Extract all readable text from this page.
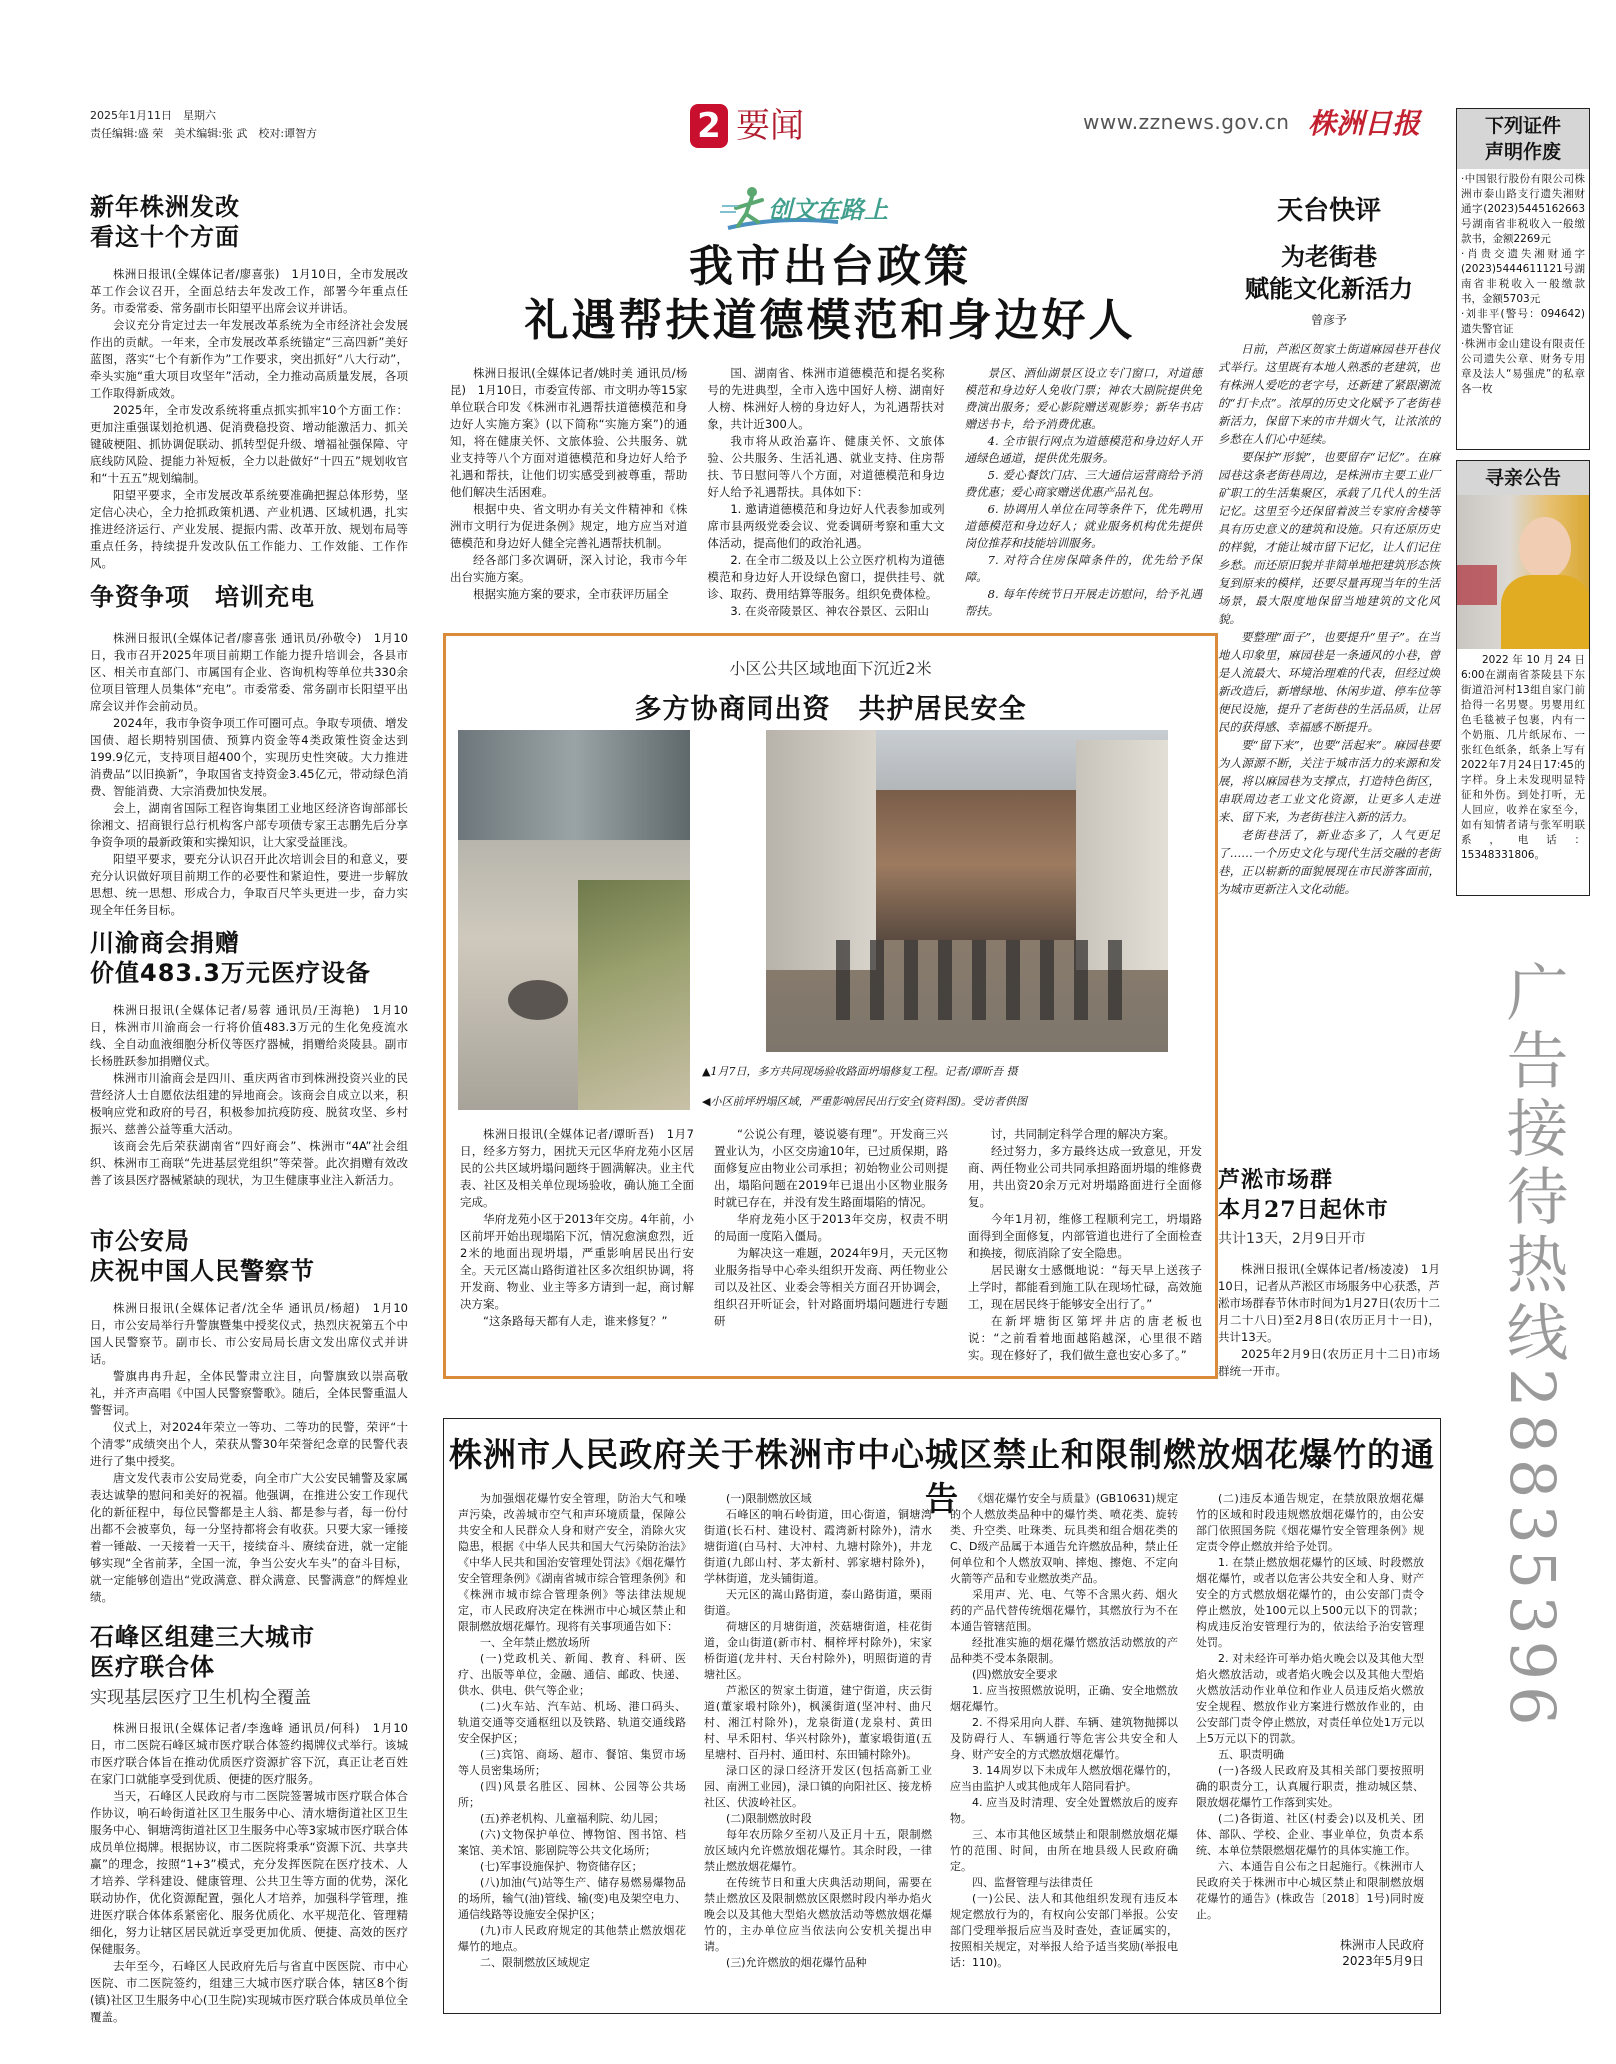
2025年1月11日　星期六
责任编辑:盛 荣　美术编辑:张 武　校对:谭智方	2 要闻	www.zznews.gov.cn 株洲日报
新年株洲发改
看这十个方面

株洲日报讯(全媒体记者/廖喜张)　1月10日，全市发展改革工作会议召开，全面总结去年发改工作，部署今年重点任务。市委常委、常务副市长阳望平出席会议并讲话。

会议充分肯定过去一年发展改革系统为全市经济社会发展作出的贡献。一年来，全市发展改革系统锚定“三高四新”美好蓝图，落实“七个有新作为”工作要求，突出抓好“八大行动”，牵头实施“重大项目攻坚年”活动，全力推动高质量发展，各项工作取得新成效。

2025年，全市发改系统将重点抓实抓牢10个方面工作：更加注重强谋划抢机遇、促消费稳投资、增动能激活力、抓关键破梗阻、抓协调促联动、抓转型促升级、增福祉强保障、守底线防风险、提能力补短板，全力以赴做好“十四五”规划收官和“十五五”规划编制。

阳望平要求，全市发展改革系统要准确把握总体形势，坚定信心决心，全力抢抓政策机遇、产业机遇、区域机遇，扎实推进经济运行、产业发展、提振内需、改革开放、规划布局等重点任务，持续提升发改队伍工作能力、工作效能、工作作风。

争资争项　培训充电

株洲日报讯(全媒体记者/廖喜张 通讯员/孙敬令)　1月10日，我市召开2025年项目前期工作能力提升培训会，各县市区、相关市直部门、市属国有企业、咨询机构等单位共330余位项目管理人员集体“充电”。市委常委、常务副市长阳望平出席会议并作会前动员。

2024年，我市争资争项工作可圈可点。争取专项债、增发国债、超长期特别国债、预算内资金等4类政策性资金达到199.9亿元，支持项目超400个，实现历史性突破。大力推进消费品“以旧换新”，争取国省支持资金3.45亿元，带动绿色消费、智能消费、大宗消费加快发展。

会上，湖南省国际工程咨询集团工业地区经济咨询部部长徐湘文、招商银行总行机构客户部专项债专家王志鹏先后分享争资争项的最新政策和实操知识，让大家受益匪浅。

阳望平要求，要充分认识召开此次培训会目的和意义，要充分认识做好项目前期工作的必要性和紧迫性，要进一步解放思想、统一思想、形成合力，争取百尺竿头更进一步，奋力实现全年任务目标。

川渝商会捐赠
价值483.3万元医疗设备

株洲日报讯(全媒体记者/易蓉 通讯员/王海艳)　1月10日，株洲市川渝商会一行将价值483.3万元的生化免疫流水线、全自动血液细胞分析仪等医疗器械，捐赠给炎陵县。副市长杨胜跃参加捐赠仪式。

株洲市川渝商会是四川、重庆两省市到株洲投资兴业的民营经济人士自愿依法组建的异地商会。该商会自成立以来，积极响应党和政府的号召，积极参加抗疫防疫、脱贫攻坚、乡村振兴、慈善公益等重大活动。

该商会先后荣获湖南省“四好商会”、株洲市“4A”社会组织、株洲市工商联“先进基层党组织”等荣誉。此次捐赠有效改善了该县医疗器械紧缺的现状，为卫生健康事业注入新活力。

市公安局
庆祝中国人民警察节

株洲日报讯(全媒体记者/沈全华 通讯员/杨超)　1月10日，市公安局举行升警旗暨集中授奖仪式，热烈庆祝第五个中国人民警察节。副市长、市公安局局长唐文发出席仪式并讲话。

警旗冉冉升起，全体民警肃立注目，向警旗致以崇高敬礼，并齐声高唱《中国人民警察警歌》。随后，全体民警重温人警誓词。

仪式上，对2024年荣立一等功、二等功的民警，荣评“十个清零”成绩突出个人，荣获从警30年荣誉纪念章的民警代表进行了集中授奖。

唐文发代表市公安局党委，向全市广大公安民辅警及家属表达诚挚的慰问和美好的祝福。他强调，在推进公安工作现代化的新征程中，每位民警都是主人翁、都是参与者，每一份付出都不会被辜负，每一分坚持都将会有收获。只要大家一锤接着一锤敲、一天接着一天干，接续奋斗、赓续奋进，就一定能够实现“全省前茅，全国一流，争当公安火车头”的奋斗目标，就一定能够创造出“党政满意、群众满意、民警满意”的辉煌业绩。

石峰区组建三大城市
医疗联合体
实现基层医疗卫生机构全覆盖

株洲日报讯(全媒体记者/李逸峰 通讯员/何科)　1月10日，市二医院石峰区城市医疗联合体签约揭牌仪式举行。该城市医疗联合体旨在推动优质医疗资源扩容下沉，真正让老百姓在家门口就能享受到优质、便捷的医疗服务。

当天，石峰区人民政府与市二医院签署城市医疗联合体合作协议，响石岭街道社区卫生服务中心、清水塘街道社区卫生服务中心、铜塘湾街道社区卫生服务中心等3家城市医疗联合体成员单位揭牌。根据协议，市二医院将秉承“资源下沉、共享共赢”的理念，按照“1+3”模式，充分发挥医院在医疗技术、人才培养、学科建设、健康管理、公共卫生等方面的优势，深化联动协作，优化资源配置，强化人才培养，加强科学管理，推进医疗联合体体系紧密化、服务优质化、水平规范化、管理精细化，努力让辖区居民就近享受更加优质、便捷、高效的医疗保健服务。

去年至今，石峰区人民政府先后与省直中医医院、市中心医院、市二医院签约，组建三大城市医疗联合体，辖区8个街(镇)社区卫生服务中心(卫生院)实现城市医疗联合体成员单位全覆盖。

创文在路上
我市出台政策
礼遇帮扶道德模范和身边好人

株洲日报讯(全媒体记者/姚时美 通讯员/杨昆)　1月10日，市委宣传部、市文明办等15家单位联合印发《株洲市礼遇帮扶道德模范和身边好人实施方案》(以下简称“实施方案”)的通知，将在健康关怀、文旅体验、公共服务、就业支持等八个方面对道德模范和身边好人给予礼遇和帮扶，让他们切实感受到被尊重，帮助他们解决生活困难。

根据中央、省文明办有关文件精神和《株洲市文明行为促进条例》规定，地方应当对道德模范和身边好人健全完善礼遇帮扶机制。

经各部门多次调研，深入讨论，我市今年出台实施方案。

根据实施方案的要求，全市获评历届全

国、湖南省、株洲市道德模范和提名奖称号的先进典型，全市入选中国好人榜、湖南好人榜、株洲好人榜的身边好人，为礼遇帮扶对象，共计近300人。

我市将从政治嘉许、健康关怀、文旅体验、公共服务、生活礼遇、就业支持、住房帮扶、节日慰问等八个方面，对道德模范和身边好人给予礼遇帮扶。具体如下：

1. 邀请道德模范和身边好人代表参加或列席市县两级党委会议、党委调研考察和重大文体活动，提高他们的政治礼遇。

2. 在全市二级及以上公立医疗机构为道德模范和身边好人开设绿色窗口，提供挂号、就诊、取药、费用结算等服务。组织免费体检。

3. 在炎帝陵景区、神农谷景区、云阳山

景区、酒仙湖景区设立专门窗口，对道德模范和身边好人免收门票；神农大剧院提供免费演出服务；爱心影院赠送观影券；新华书店赠送书卡，给予消费优惠。

4. 全市银行网点为道德模范和身边好人开通绿色通道，提供优先服务。

5. 爱心餐饮门店、三大通信运营商给予消费优惠；爱心商家赠送优惠产品礼包。

6. 协调用人单位在同等条件下，优先聘用道德模范和身边好人；就业服务机构优先提供岗位推荐和技能培训服务。

7. 对符合住房保障条件的，优先给予保障。

8. 每年传统节日开展走访慰问，给予礼遇帮扶。

小区公共区域地面下沉近2米
多方协商同出资　共护居民安全
▲1月7日，多方共同现场验收路面坍塌修复工程。记者/谭昕吾 摄
◀小区前坪坍塌区域，严重影响居民出行安全(资料图)。受访者供图

株洲日报讯(全媒体记者/谭昕吾)　1月7日，经多方努力，困扰天元区华府龙苑小区居民的公共区域坍塌问题终于圆满解决。业主代表、社区及相关单位现场验收，确认施工全面完成。

华府龙苑小区于2013年交房。4年前，小区前坪开始出现塌陷下沉，情况愈演愈烈，近2米的地面出现坍塌，严重影响居民出行安全。天元区嵩山路街道社区多次组织协调，将开发商、物业、业主等多方请到一起，商讨解决方案。

“这条路每天都有人走，谁来修复？”

“公说公有理，婆说婆有理”。开发商三兴置业认为，小区交房逾10年，已过质保期，路面修复应由物业公司承担；初始物业公司则提出，塌陷问题在2019年已退出小区物业服务时就已存在，并没有发生路面塌陷的情况。

华府龙苑小区于2013年交房，权责不明的局面一度陷入僵局。

为解决这一难题，2024年9月，天元区物业服务指导中心牵头组织开发商、两任物业公司以及社区、业委会等相关方面召开协调会，组织召开听证会，针对路面坍塌问题进行专题研

讨，共同制定科学合理的解决方案。

经过努力，多方最终达成一致意见，开发商、两任物业公司共同承担路面坍塌的维修费用，共出资20余万元对坍塌路面进行全面修复。

今年1月初，维修工程顺利完工，坍塌路面得到全面修复，内部管道也进行了全面检查和换接，彻底消除了安全隐患。

居民谢女士感慨地说：“每天早上送孩子上学时，都能看到施工队在现场忙碌，高效施工，现在居民终于能够安全出行了。”

在新坪塘街区第坪井店的唐老板也说：“之前看着地面越陷越深，心里很不踏实。现在修好了，我们做生意也安心多了。”

天台快评
为老街巷
赋能文化新活力
曾彦予

日前，芦淞区贺家土街道麻园巷开巷仪式举行。这里既有本地人熟悉的老建筑，也有株洲人爱吃的老字号，还新建了紧跟潮流的“打卡点”。浓厚的历史文化赋予了老街巷新活力，保留下来的市井烟火气，让浓浓的乡愁在人们心中延续。

要保护“形貌”，也要留存“记忆”。在麻园巷这条老街巷周边，是株洲市主要工业厂矿职工的生活集聚区，承载了几代人的生活记忆。这里至今还保留着波兰专家府舍楼等具有历史意义的建筑和设施。只有还原历史的样貌，才能让城市留下记忆，让人们记住乡愁。而还原旧貌并非简单地把建筑形态恢复到原来的模样，还要尽量再现当年的生活场景，最大限度地保留当地建筑的文化风貌。

要整理“面子”，也要提升“里子”。在当地人印象里，麻园巷是一条通风的小巷，曾是人流最大、环境治理难的代表，但经过焕新改造后，新增绿地、休闲步道、停车位等便民设施，提升了老街巷的生活品质，让居民的获得感、幸福感不断提升。

要“留下来”，也要“活起来”。麻园巷要为人源源不断，关注于城市活力的来源和发展，将以麻园巷为支撑点，打造特色街区，串联周边老工业文化资源，让更多人走进来、留下来，为老街巷注入新的活力。

老街巷活了，新业态多了，人气更足了……一个历史文化与现代生活交融的老街巷，正以崭新的面貌展现在市民游客面前，为城市更新注入文化动能。

芦淞市场群
本月27日起休市
共计13天，2月9日开市

株洲日报讯(全媒体记者/杨凌凌)　1月10日，记者从芦淞区市场服务中心获悉，芦淞市场群春节休市时间为1月27日(农历十二月二十八日)至2月8日(农历正月十一日)，共计13天。

2025年2月9日(农历正月十二日)市场群统一开市。

株洲市人民政府关于株洲市中心城区禁止和限制燃放烟花爆竹的通告

为加强烟花爆竹安全管理，防治大气和噪声污染，改善城市空气和声环境质量，保障公共安全和人民群众人身和财产安全，消除火灾隐患，根据《中华人民共和国大气污染防治法》《中华人民共和国治安管理处罚法》《烟花爆竹安全管理条例》《湖南省城市综合管理条例》和《株洲市城市综合管理条例》等法律法规规定，市人民政府决定在株洲市中心城区禁止和限制燃放烟花爆竹。现将有关事项通告如下：

一、全年禁止燃放场所

(一)党政机关、新闻、教育、科研、医疗、出版等单位，金融、通信、邮政、快递、供水、供电、供气等企业；

(二)火车站、汽车站、机场、港口码头、轨道交通等交通枢纽以及铁路、轨道交通线路安全保护区；

(三)宾馆、商场、超市、餐馆、集贸市场等人员密集场所；

(四)风景名胜区、园林、公园等公共场所；

(五)养老机构、儿童福利院、幼儿园；

(六)文物保护单位、博物馆、图书馆、档案馆、美术馆、影剧院等公共文化场所；

(七)军事设施保护、物资储存区；

(八)加油(气)站等生产、储存易燃易爆物品的场所，输气(油)管线、输(变)电及架空电力、通信线路等设施安全保护区；

(九)市人民政府规定的其他禁止燃放烟花爆竹的地点。

二、限制燃放区域规定

(一)限制燃放区域

石峰区的响石岭街道，田心街道，铜塘湾街道(长石村、建设村、霞湾新村除外)，清水塘街道(白马村、大冲村、九塘村除外)，井龙街道(九郎山村、茅太新村、郭家塘村除外)，学林街道，龙头铺街道。

天元区的嵩山路街道，泰山路街道，栗雨街道。

荷塘区的月塘街道，茨菇塘街道，桂花街道，金山街道(新市村、桐梓坪村除外)，宋家桥街道(龙井村、天台村除外)，明照街道的青塘社区。

芦淞区的贺家土街道，建宁街道，庆云街道(董家塅村除外)，枫溪街道(坚冲村、曲尺村、湘江村除外)，龙泉街道(龙泉村、黄田村、早禾阳村、华兴村除外)，董家塅街道(五星塘村、百丹村、通田村、东田铺村除外)。

渌口区的渌口经济开发区(包括高新工业园、南洲工业园)，渌口镇的向阳社区、接龙桥社区、伏波岭社区。

(二)限制燃放时段

每年农历除夕至初八及正月十五，限制燃放区域内允许燃放烟花爆竹。其余时段，一律禁止燃放烟花爆竹。

在传统节日和重大庆典活动期间，需要在禁止燃放区及限制燃放区限燃时段内举办焰火晚会以及其他大型焰火燃放活动等燃放烟花爆竹的，主办单位应当依法向公安机关提出申请。

(三)允许燃放的烟花爆竹品种

《烟花爆竹安全与质量》(GB10631)规定的个人燃放类品种中的爆竹类、喷花类、旋转类、升空类、吐珠类、玩具类和组合烟花类的C、D级产品属于本通告允许燃放品种，禁止任何单位和个人燃放双响、摔炮、擦炮、不定向火箭等产品和专业燃放类产品。

采用声、光、电、气等不含黑火药、烟火药的产品代替传统烟花爆竹，其燃放行为不在本通告管辖范围。

经批准实施的烟花爆竹燃放活动燃放的产品种类不受本条限制。

(四)燃放安全要求

1. 应当按照燃放说明，正确、安全地燃放烟花爆竹。

2. 不得采用向人群、车辆、建筑物抛掷以及防碍行人、车辆通行等危害公共安全和人身、财产安全的方式燃放烟花爆竹。

3. 14周岁以下未成年人燃放烟花爆竹的，应当由监护人或其他成年人陪同看护。

4. 应当及时清理、安全处置燃放后的废弃物。

三、本市其他区域禁止和限制燃放烟花爆竹的范围、时间，由所在地县级人民政府确定。

四、监督管理与法律责任

(一)公民、法人和其他组织发现有违反本规定燃放行为的，有权向公安部门举报。公安部门受理举报后应当及时查处，查证属实的，按照相关规定，对举报人给予适当奖励(举报电话：110)。

(二)违反本通告规定，在禁放限放烟花爆竹的区域和时段违规燃放烟花爆竹的，由公安部门依照国务院《烟花爆竹安全管理条例》规定责令停止燃放并给予处罚。

1. 在禁止燃放烟花爆竹的区域、时段燃放烟花爆竹，或者以危害公共安全和人身、财产安全的方式燃放烟花爆竹的，由公安部门责令停止燃放，处100元以上500元以下的罚款；构成违反治安管理行为的，依法给予治安管理处罚。

2. 对未经许可举办焰火晚会以及其他大型焰火燃放活动，或者焰火晚会以及其他大型焰火燃放活动作业单位和作业人员违反焰火燃放安全规程、燃放作业方案进行燃放作业的，由公安部门责令停止燃放，对责任单位处1万元以上5万元以下的罚款。

五、职责明确

(一)各级人民政府及其相关部门要按照明确的职责分工，认真履行职责，推动城区禁、限放烟花爆竹工作落到实处。

(二)各街道、社区(村委会)以及机关、团体、部队、学校、企业、事业单位，负责本系统、本单位禁限燃烟花爆竹的具体实施工作。

六、本通告自公布之日起施行。《株洲市人民政府关于株洲市中心城区禁止和限制燃放烟花爆竹的通告》(株政告〔2018〕1号)同时废止。

株洲市人民政府
2023年5月9日
下列证件
声明作废
·中国银行股份有限公司株洲市泰山路支行遗失湘财通字(2023)5445162663号湖南省非税收入一般缴款书，金额2269元
·肖贵交遗失湘财通字(2023)5444611121号湖南省非税收入一般缴款书，金额5703元
·刘非平(警号：094642)遗失警官证
·株洲市金山建设有限责任公司遗失公章、财务专用章及法人“易强虎”的私章各一枚
寻亲公告
2022年10月24日6:00在湖南省茶陵县下东街道沿河村13组自家门前拾得一名男婴。男婴用红色毛毯被子包裹，内有一个奶瓶、几片纸尿布、一张红色纸条，纸条上写有2022年7月24日17:45的字样。身上未发现明显特征和外伤。到处打听，无人回应，收养在家至今，如有知情者请与张军明联系，电话：15348331806。
广告接待热线28835396
